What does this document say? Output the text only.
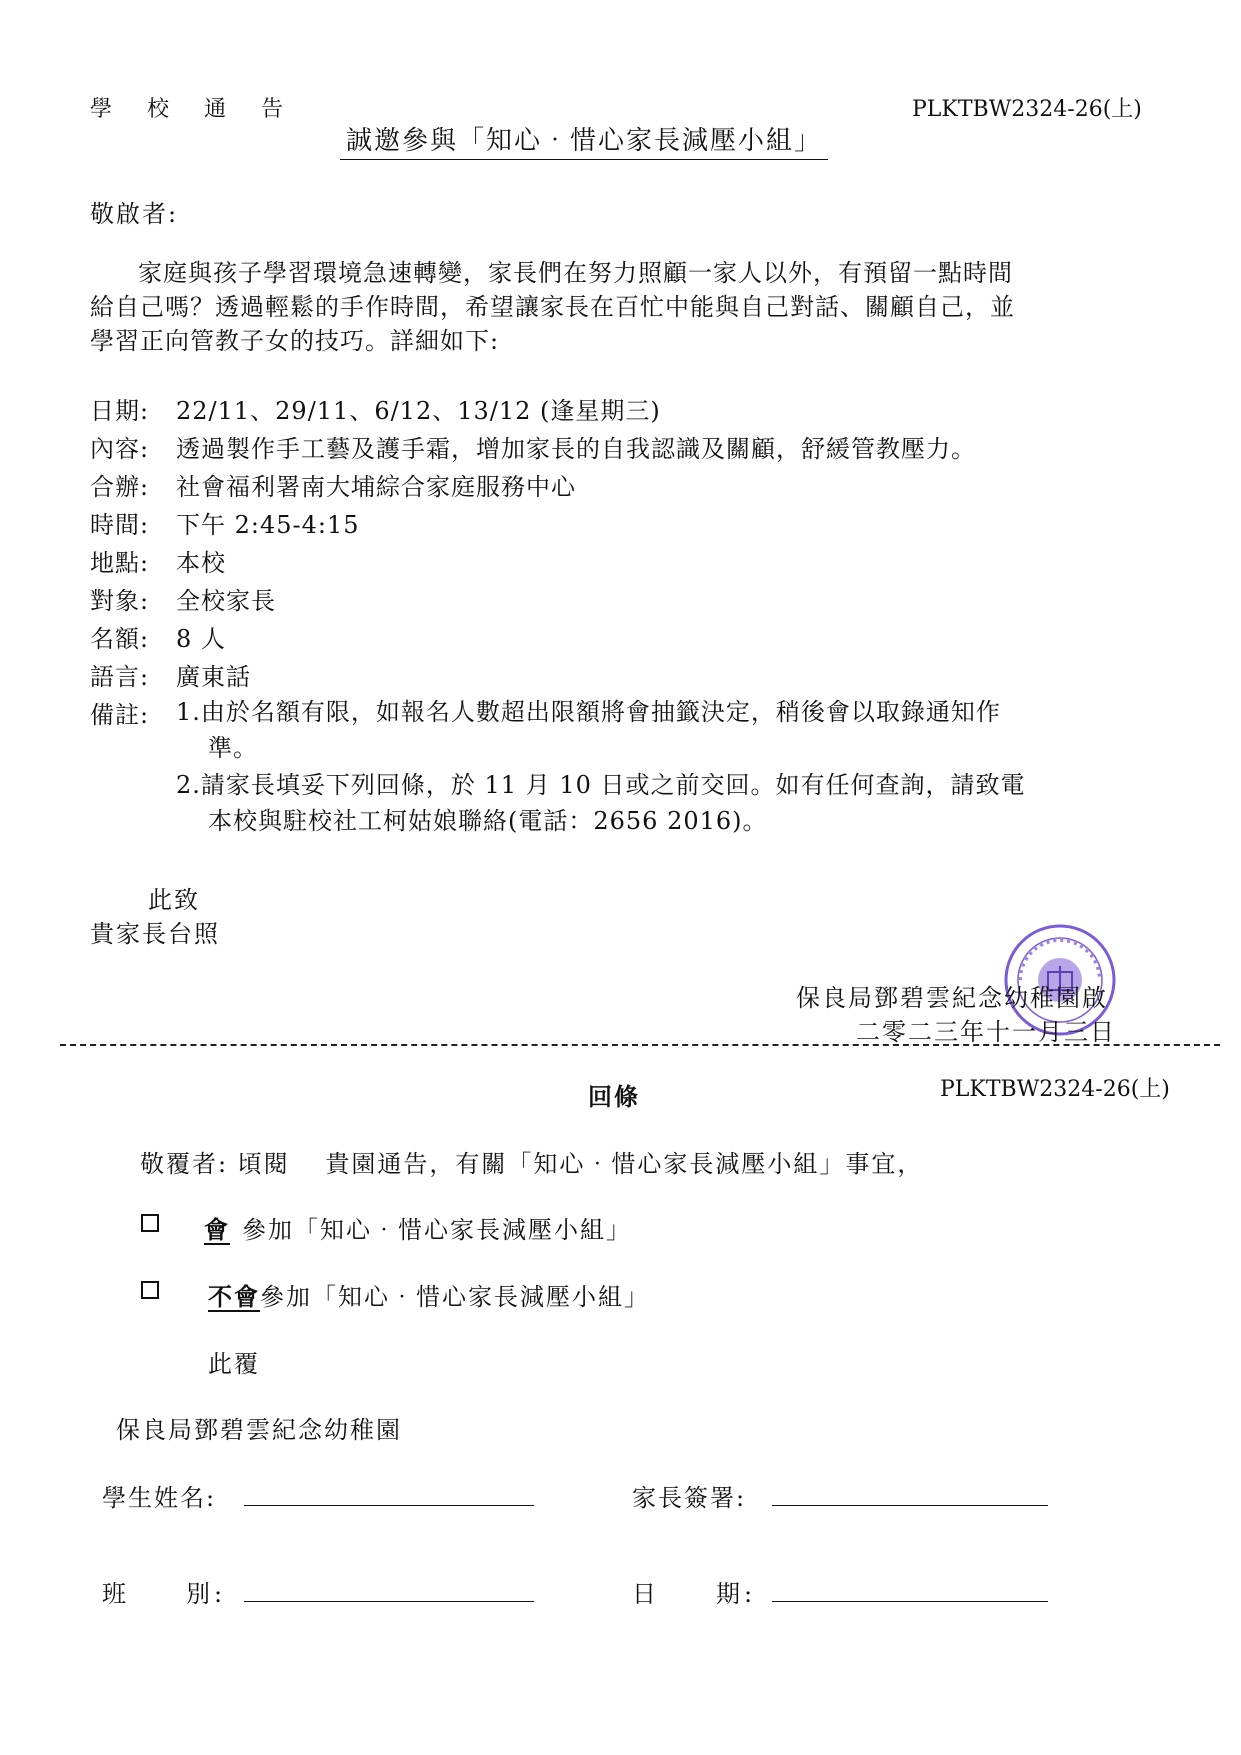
學 校 通 告	PLKTBW2324-26(上)
誠邀參與「知心‧惜心家長減壓小組」
敬啟者:
家庭與孩子學習環境急速轉變，家長們在努力照顧一家人以外，有預留一點時間
給自己嗎？透過輕鬆的手作時間，希望讓家長在百忙中能與自己對話、關顧自己，並
學習正向管教子女的技巧。詳細如下:
日期: 22/11、29/11、6/12、13/12 (逢星期三)
內容: 透過製作手工藝及護手霜，增加家長的自我認識及關顧，舒緩管教壓力。
合辦: 社會福利署南大埔綜合家庭服務中心
時間: 下午 2:45-4:15
地點: 本校
對象: 全校家長
名額: 8 人
語言: 廣東話
備註: 1.由於名額有限，如報名人數超出限額將會抽籤決定，稍後會以取錄通知作
準。
2.請家長填妥下列回條，於 11 月 10 日或之前交回。如有任何查詢，請致電
本校與駐校社工柯姑娘聯絡(電話：2656 2016)。
此致
貴家長台照
保良局鄧碧雲紀念幼稚園啟
二零二三年十一月三日
回條	PLKTBW2324-26(上)
敬覆者: 頃閱　 貴園通告，有關「知心‧惜心家長減壓小組」事宜，
會 參加「知心‧惜心家長減壓小組」
不會參加「知心‧惜心家長減壓小組」
此覆
保良局鄧碧雲紀念幼稚園
學生姓名:	家長簽署:
班　　別:	日　　期:
